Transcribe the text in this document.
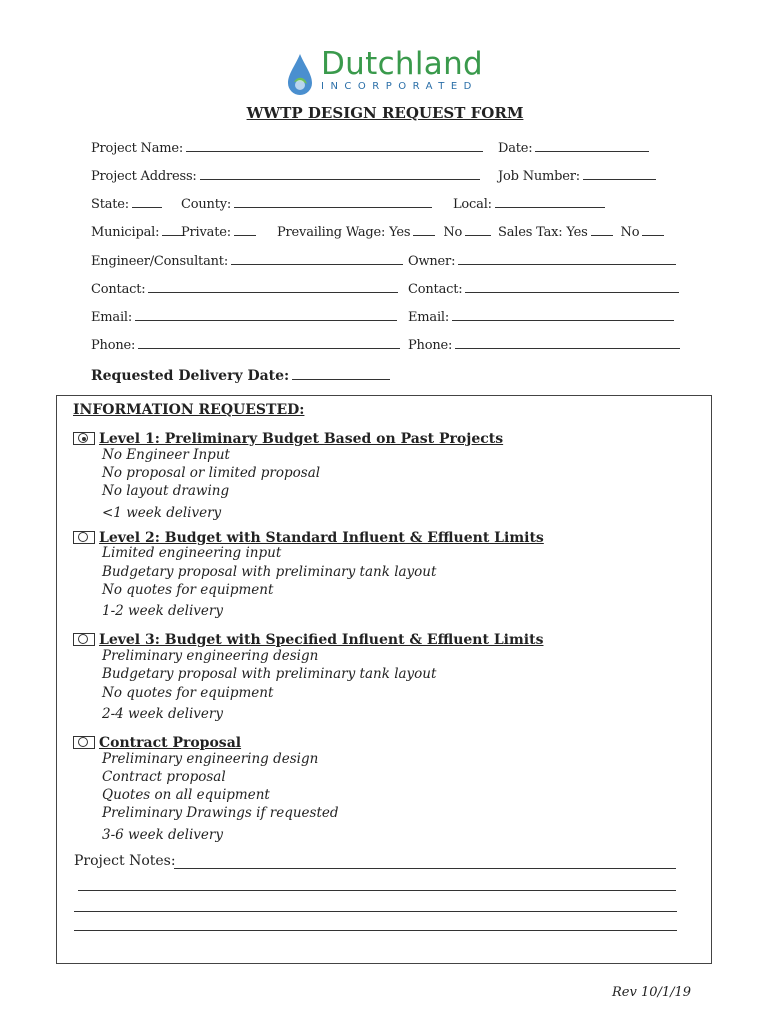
Dutchland
INCORPORATED
WWTP DESIGN REQUEST FORM
Project Name:	Date:
Project Address:	Job Number:
State:	County:	Local:
Municipal:	Private:	Prevailing Wage: Yes	No	Sales Tax: Yes	No
Engineer/Consultant:	Owner:
Contact:	Contact:
Email:	Email:
Phone:	Phone:
Requested Delivery Date:
INFORMATION REQUESTED:
Level 1: Preliminary Budget Based on Past Projects
No Engineer Input
No proposal or limited proposal
No layout drawing
<1 week delivery
Level 2: Budget with Standard Influent & Effluent Limits
Limited engineering input
Budgetary proposal with preliminary tank layout
No quotes for equipment
1-2 week delivery
Level 3: Budget with Specified Influent & Effluent Limits
Preliminary engineering design
Budgetary proposal with preliminary tank layout
No quotes for equipment
2-4 week delivery
Contract Proposal
Preliminary engineering design
Contract proposal
Quotes on all equipment
Preliminary Drawings if requested
3-6 week delivery
Project Notes:
Rev 10/1/19
